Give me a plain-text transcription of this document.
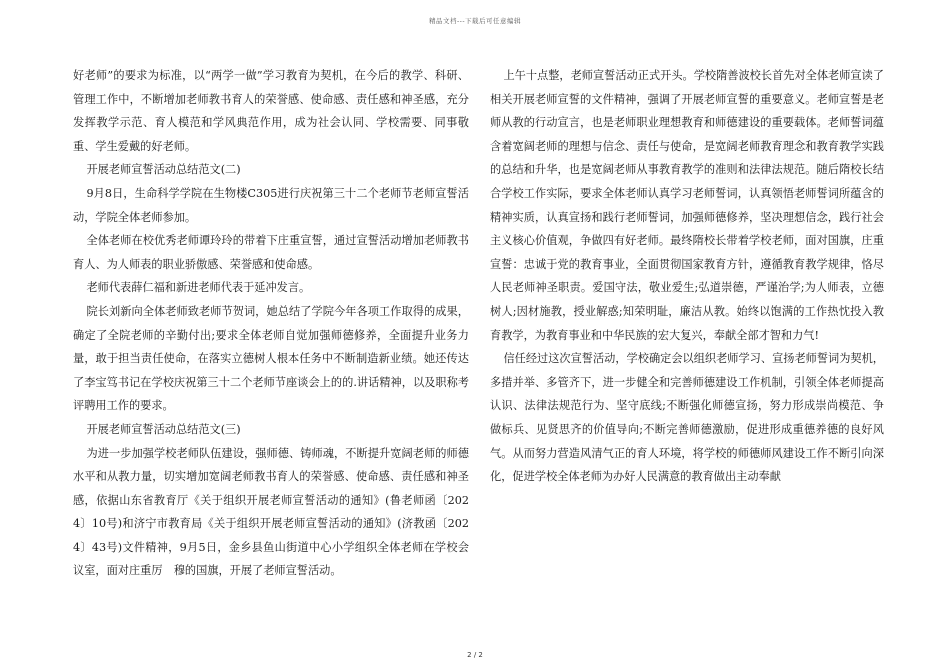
精品文档---下载后可任意编辑

好老师”的要求为标准，以“两学一做”学习教育为契机，在今后的教学、科研、管理工作中，不断增加老师教书育人的荣誉感、使命感、责任感和神圣感，充分发挥教学示范、育人模范和学风典范作用，成为社会认同、学校需要、同事敬重、学生爱戴的好老师。

开展老师宣誓活动总结范文(二)

9月8日，生命科学学院在生物楼C305进行庆祝第三十二个老师节老师宣誓活动，学院全体老师参加。

全体老师在校优秀老师谭玲玲的带着下庄重宣誓，通过宣誓活动增加老师教书育人、为人师表的职业骄傲感、荣誉感和使命感。

老师代表薛仁福和新进老师代表于延冲发言。

院长刘新向全体老师致老师节贺词，她总结了学院今年各项工作取得的成果，确定了全院老师的辛勤付出;要求全体老师自觉加强师德修养，全面提升业务力量，敢于担当责任使命，在落实立德树人根本任务中不断制造新业绩。她还传达了李宝笃书记在学校庆祝第三十二个老师节座谈会上的的.讲话精神，以及职称考评聘用工作的要求。

开展老师宣誓活动总结范文(三)

为进一步加强学校老师队伍建设，强师德、铸师魂，不断提升宽阔老师的师德水平和从教力量，切实增加宽阔老师教书育人的荣誉感、使命感、责任感和神圣感，依据山东省教育厅《关于组织开展老师宣誓活动的通知》(鲁老师函〔2024〕10号)和济宁市教育局《关于组织开展老师宣誓活动的通知》(济教函〔2024〕43号)文件精神，9月5日，金乡县鱼山街道中心小学组织全体老师在学校会议室，面对庄重厉　穆的国旗，开展了老师宣誓活动。

上午十点整，老师宣誓活动正式开头。学校隋善波校长首先对全体老师宣读了相关开展老师宣誓的文件精神，强调了开展老师宣誓的重要意义。老师宣誓是老师从教的行动宣言，也是老师职业理想教育和师德建设的重要载体。老师誓词蕴含着宽阔老师的理想与信念、责任与使命，是宽阔老师教育理念和教育教学实践的总结和升华，也是宽阔老师从事教育教学的准则和法律法规范。随后隋校长结合学校工作实际，要求全体老师认真学习老师誓词，认真领悟老师誓词所蕴含的精神实质，认真宣扬和践行老师誓词，加强师德修养，坚决理想信念，践行社会主义核心价值观，争做四有好老师。最终隋校长带着学校老师，面对国旗，庄重宣誓：忠诚于党的教育事业，全面贯彻国家教育方针，遵循教育教学规律，恪尽人民老师神圣职责。爱国守法，敬业爱生;弘道崇德，严谨治学;为人师表，立德树人;因材施教，授业解惑;知荣明耻，廉洁从教。始终以饱满的工作热忱投入教育教学，为教育事业和中华民族的宏大复兴，奉献全部才智和力气!

信任经过这次宣誓活动，学校确定会以组织老师学习、宣扬老师誓词为契机，多措并举、多管齐下，进一步健全和完善师德建设工作机制，引领全体老师提高认识、法律法规范行为、坚守底线;不断强化师德宣扬，努力形成崇尚模范、争做标兵、见贤思齐的价值导向;不断完善师德激励，促进形成重德养德的良好风气。从而努力营造风清气正的育人环境，将学校的师德师风建设工作不断引向深化，促进学校全体老师为办好人民满意的教育做出主动奉献

2 / 2
